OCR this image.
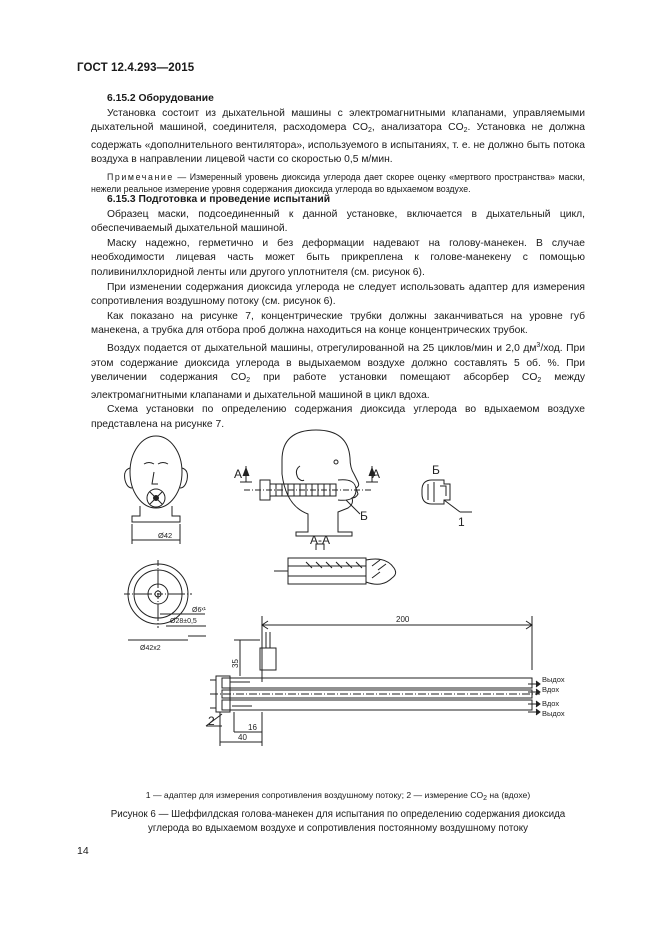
ГОСТ 12.4.293—2015

6.15.2 Оборудование

Установка состоит из дыхательной машины с электромагнитными клапанами, управляемыми дыхательной машиной, соединителя, расходомера $CO_2$, анализатора $CO_2$. Установка не должна содержать «дополнительного вентилятора», используемого в испытаниях, т. е. не должно быть потока воздуха в направлении лицевой части со скоростью 0,5 м/мин.

Примечание — Измеренный уровень диоксида углерода дает скорее оценку «мертвого пространства» маски, нежели реальное измерение уровня содержания диоксида углерода во вдыхаемом воздухе.

6.15.3 Подготовка и проведение испытаний

Образец маски, подсоединенный к данной установке, включается в дыхательный цикл, обеспечиваемый дыхательной машиной.

Маску надежно, герметично и без деформации надевают на голову-манекен. В случае необходимости лицевая часть может быть прикреплена к голове-манекену с помощью поливинилхлоридной ленты или другого уплотнителя (см. рисунок 6).

При изменении содержания диоксида углерода не следует использовать адаптер для измерения сопротивления воздушному потоку (см. рисунок 6).

Как показано на рисунке 7, концентрические трубки должны заканчиваться на уровне губ манекена, а трубка для отбора проб должна находиться на конце концентрических трубок.

Воздух подается от дыхательной машины, отрегулированной на 25 циклов/мин и 2,0 $дм^3$/ход. При этом содержание диоксида углерода в выдыхаемом воздухе должно составлять 5 об. %. При увеличении содержания $CO_2$ при работе установки помещают абсорбер $CO_2$ между электромагнитными клапанами и дыхательной машиной в цикл вдоха.

Схема установки по определению содержания диоксида углерода во вдыхаемом воздухе представлена на рисунке 7.

Ø42
Ø6ˣ¹
Ø28±0,5
Ø42x2
А	А
Б
Б
1
А-А
200
35
40
16
2
Выдох
Вдох
Вдох
Выдох
1 — адаптер для измерения сопротивления воздушному потоку; 2 — измерение $CO_2$ на (вдохе)
Рисунок 6 — Шеффилдская голова-манекен для испытания по определению содержания диоксида углерода во вдыхаемом воздухе и сопротивления постоянному воздушному потоку
14
